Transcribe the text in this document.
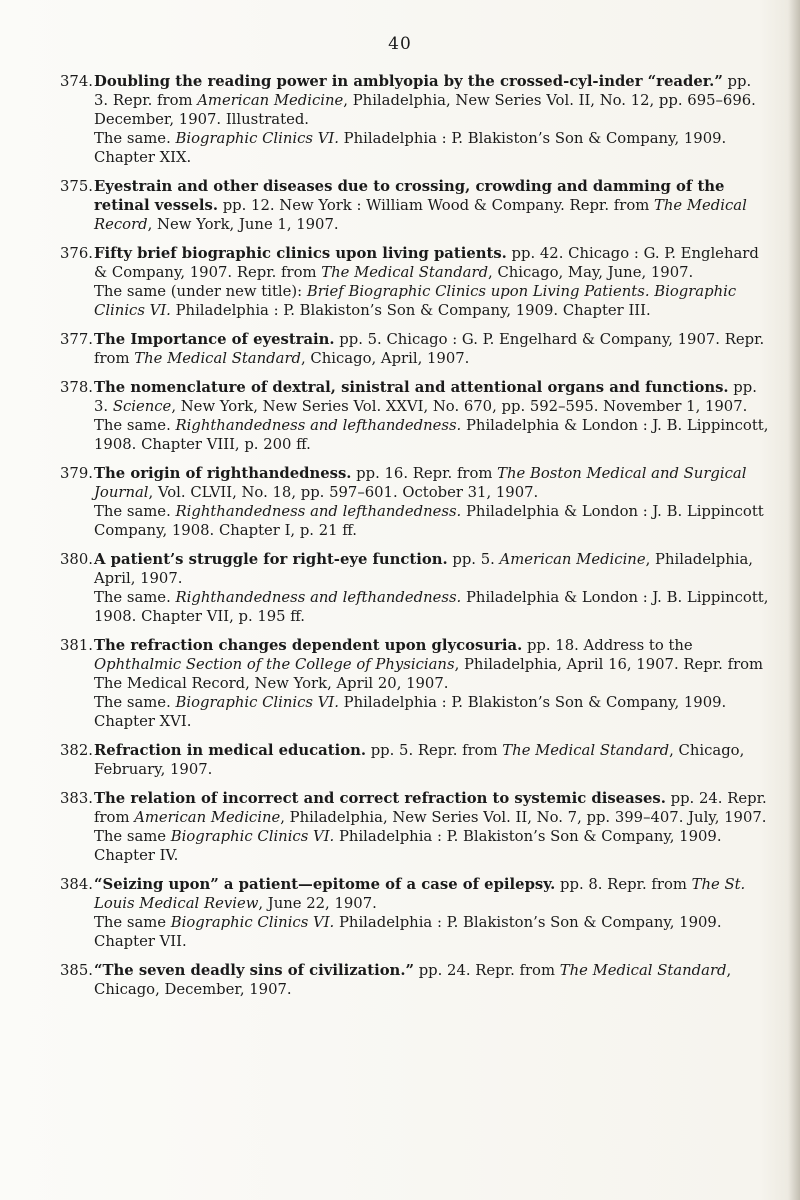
40
374. Doubling the reading power in amblyopia by the crossed-cyl-inder “reader.” pp. 3. Repr. from American Medicine, Philadelphia, New Series Vol. II, No. 12, pp. 695–696. December, 1907. Illustrated.
The same. Biographic Clinics VI. Philadelphia : P. Blakiston’s Son & Company, 1909. Chapter XIX.
375. Eyestrain and other diseases due to crossing, crowding and damming of the retinal vessels. pp. 12. New York : William Wood & Company. Repr. from The Medical Record, New York, June 1, 1907.
376. Fifty brief biographic clinics upon living patients. pp. 42. Chicago : G. P. Englehard & Company, 1907. Repr. from The Medical Standard, Chicago, May, June, 1907.
The same (under new title): Brief Biographic Clinics upon Living Patients. Biographic Clinics VI. Philadelphia : P. Blakiston’s Son & Company, 1909. Chapter III.
377. The Importance of eyestrain. pp. 5. Chicago : G. P. Engelhard & Company, 1907. Repr. from The Medical Standard, Chicago, April, 1907.
378. The nomenclature of dextral, sinistral and attentional organs and functions. pp. 3. Science, New York, New Series Vol. XXVI, No. 670, pp. 592–595. November 1, 1907.
The same. Righthandedness and lefthandedness. Philadelphia & London : J. B. Lippincott, 1908. Chapter VIII, p. 200 ff.
379. The origin of righthandedness. pp. 16. Repr. from The Boston Medical and Surgical Journal, Vol. CLVII, No. 18, pp. 597–601. October 31, 1907.
The same. Righthandedness and lefthandedness. Philadelphia & London : J. B. Lippincott Company, 1908. Chapter I, p. 21 ff.
380. A patient’s struggle for right-eye function. pp. 5. American Medicine, Philadelphia, April, 1907.
The same. Righthandedness and lefthandedness. Philadelphia & London : J. B. Lippincott, 1908. Chapter VII, p. 195 ff.
381. The refraction changes dependent upon glycosuria. pp. 18. Address to the Ophthalmic Section of the College of Physicians, Philadelphia, April 16, 1907. Repr. from The Medical Record, New York, April 20, 1907.
The same. Biographic Clinics VI. Philadelphia : P. Blakiston’s Son & Company, 1909. Chapter XVI.
382. Refraction in medical education. pp. 5. Repr. from The Medical Standard, Chicago, February, 1907.
383. The relation of incorrect and correct refraction to systemic diseases. pp. 24. Repr. from American Medicine, Philadelphia, New Series Vol. II, No. 7, pp. 399–407. July, 1907.
The same Biographic Clinics VI. Philadelphia : P. Blakiston’s Son & Company, 1909. Chapter IV.
384. “Seizing upon” a patient—epitome of a case of epilepsy. pp. 8. Repr. from The St. Louis Medical Review, June 22, 1907.
The same Biographic Clinics VI. Philadelphia : P. Blakiston’s Son & Company, 1909. Chapter VII.
385. “The seven deadly sins of civilization.” pp. 24. Repr. from The Medical Standard, Chicago, December, 1907.
